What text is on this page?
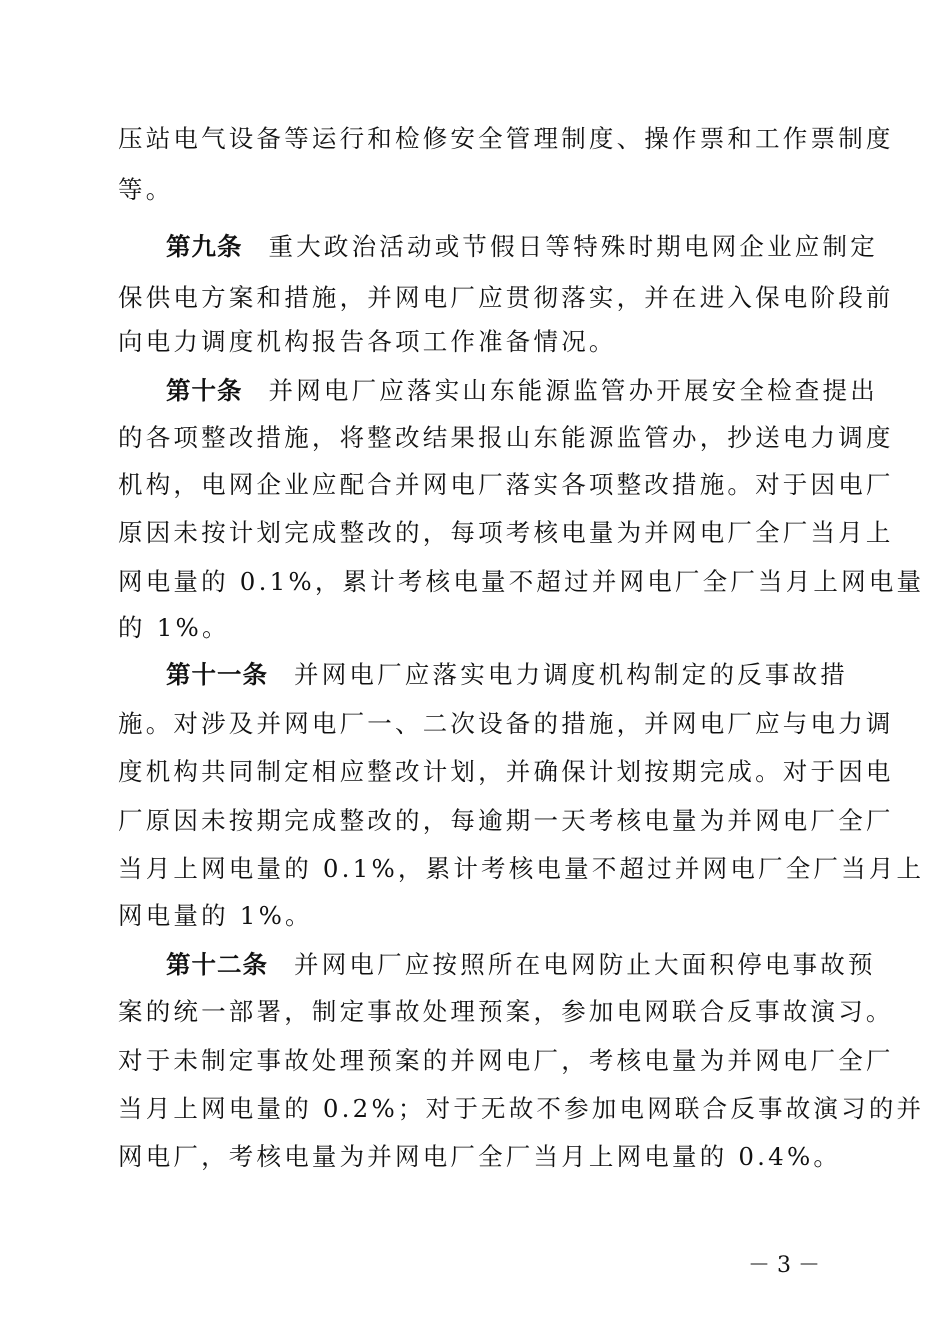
压站电气设备等运行和检修安全管理制度、操作票和工作票制度
等。
第九条 重大政治活动或节假日等特殊时期电网企业应制定
保供电方案和措施，并网电厂应贯彻落实，并在进入保电阶段前
向电力调度机构报告各项工作准备情况。
第十条 并网电厂应落实山东能源监管办开展安全检查提出
的各项整改措施，将整改结果报山东能源监管办，抄送电力调度
机构，电网企业应配合并网电厂落实各项整改措施。对于因电厂
原因未按计划完成整改的，每项考核电量为并网电厂全厂当月上
网电量的 0.1%，累计考核电量不超过并网电厂全厂当月上网电量
的 1%。
第十一条 并网电厂应落实电力调度机构制定的反事故措
施。对涉及并网电厂一、二次设备的措施，并网电厂应与电力调
度机构共同制定相应整改计划，并确保计划按期完成。对于因电
厂原因未按期完成整改的，每逾期一天考核电量为并网电厂全厂
当月上网电量的 0.1%，累计考核电量不超过并网电厂全厂当月上
网电量的 1%。
第十二条 并网电厂应按照所在电网防止大面积停电事故预
案的统一部署，制定事故处理预案，参加电网联合反事故演习。
对于未制定事故处理预案的并网电厂，考核电量为并网电厂全厂
当月上网电量的 0.2%；对于无故不参加电网联合反事故演习的并
网电厂，考核电量为并网电厂全厂当月上网电量的 0.4%。
－ 3 －
